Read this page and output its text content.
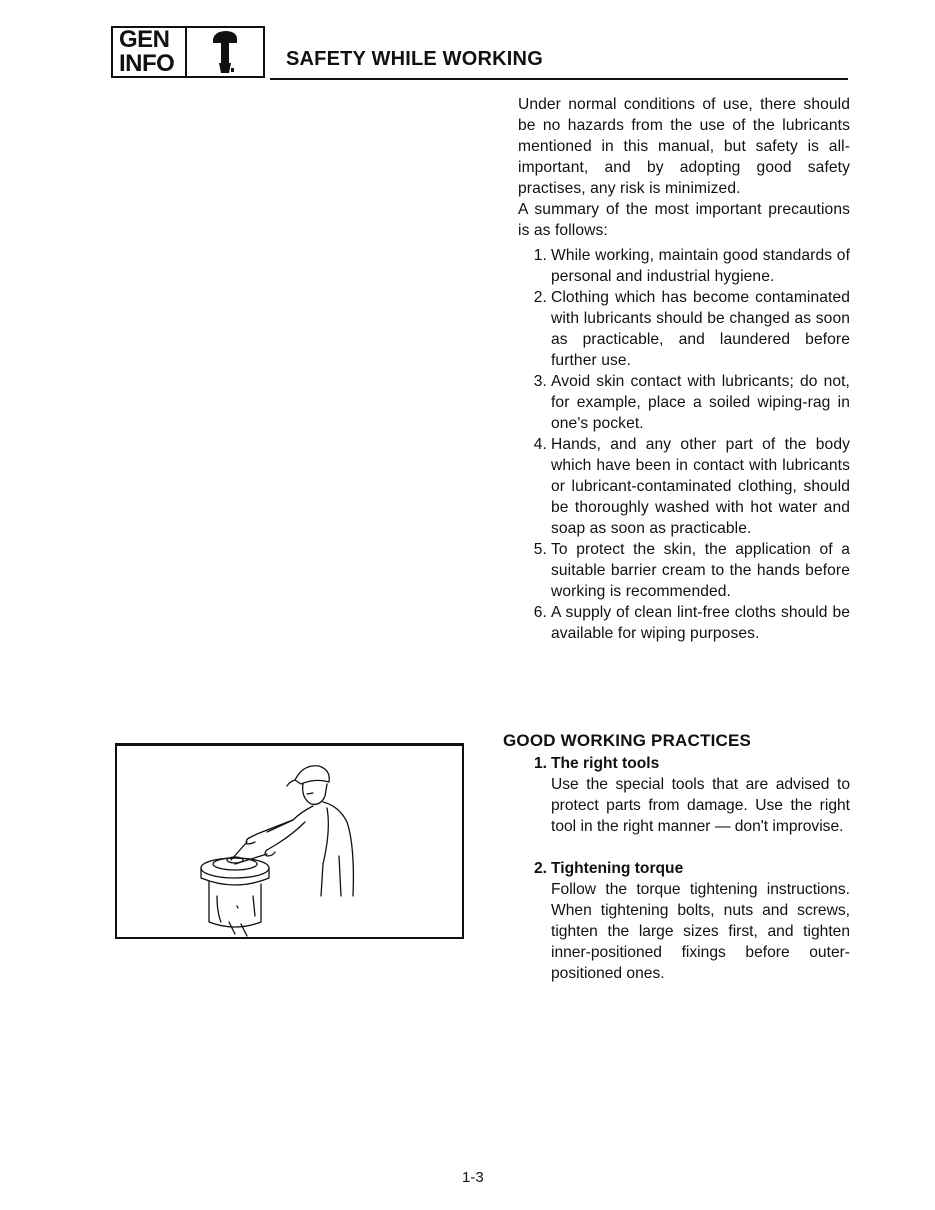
GEN
INFO	SAFETY WHILE WORKING

Under normal conditions of use, there should be no hazards from the use of the lubricants mentioned in this manual, but safety is all-important, and by adopting good safety practises, any risk is minimized.

A summary of the most important precautions is as follows:

1. While working, maintain good standards of personal and industrial hygiene.
2. Clothing which has become contaminated with lubricants should be changed as soon as practicable, and laundered before further use.
3. Avoid skin contact with lubricants; do not, for example, place a soiled wiping-rag in one's pocket.
4. Hands, and any other part of the body which have been in contact with lubricants or lubricant-contaminated clothing, should be thoroughly washed with hot water and soap as soon as practicable.
5. To protect the skin, the application of a suitable barrier cream to the hands before working is recommended.
6. A supply of clean lint-free cloths should be available for wiping purposes.
GOOD WORKING PRACTICES
1. The right tools
Use the special tools that are advised to protect parts from damage. Use the right tool in the right manner — don't improvise.
2. Tightening torque
Follow the torque tightening instructions. When tightening bolts, nuts and screws, tighten the large sizes first, and tighten inner-positioned fixings before outer-positioned ones.
1-3
